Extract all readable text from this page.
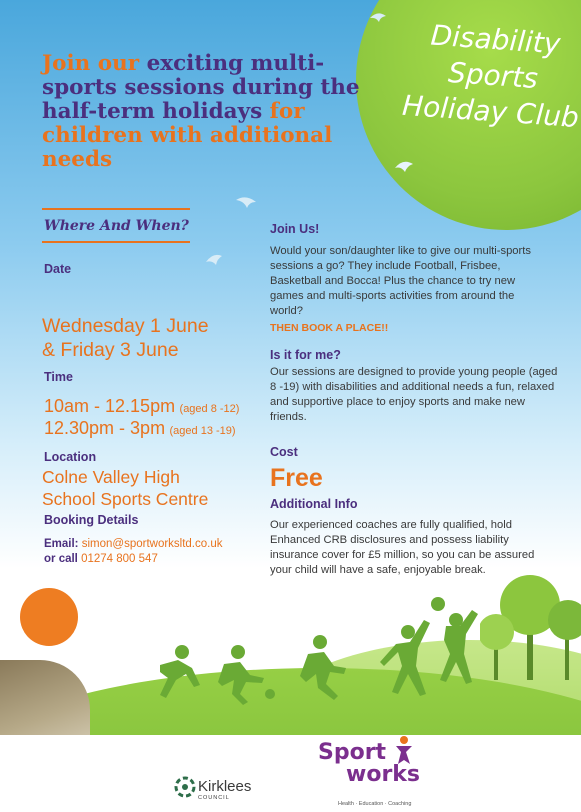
Disability
Sports
Holiday Club
Join our exciting multi-sports sessions during the half-term holidays for children with additional needs
Where And When?
Date
Wednesday 1 June
& Friday 3 June
Time
10am - 12.15pm (aged 8 -12)
12.30pm - 3pm (aged 13 -19)
Location
Colne Valley High
School Sports Centre
Booking Details
Email: simon@sportworksltd.co.uk
or call 01274 800 547
Join Us!
Would your son/daughter like to give our multi-sports sessions a go? They include Football, Frisbee, Basketball and Bocca! Plus the chance to try new games and multi-sports activities from around the world?
THEN BOOK A PLACE!!
Is it for me?
Our sessions are designed to provide young people (aged 8 -19) with disabilities and additional needs a fun, relaxed and supportive place to enjoy sports and make new friends.
Cost
Free
Additional Info
Our experienced coaches are fully qualified, hold Enhanced CRB disclosures and possess liability insurance cover for £5 million, so you can be assured your child will have a safe, enjoyable break.
Kirklees
COUNCIL
Sport
works
Health · Education · Coaching
